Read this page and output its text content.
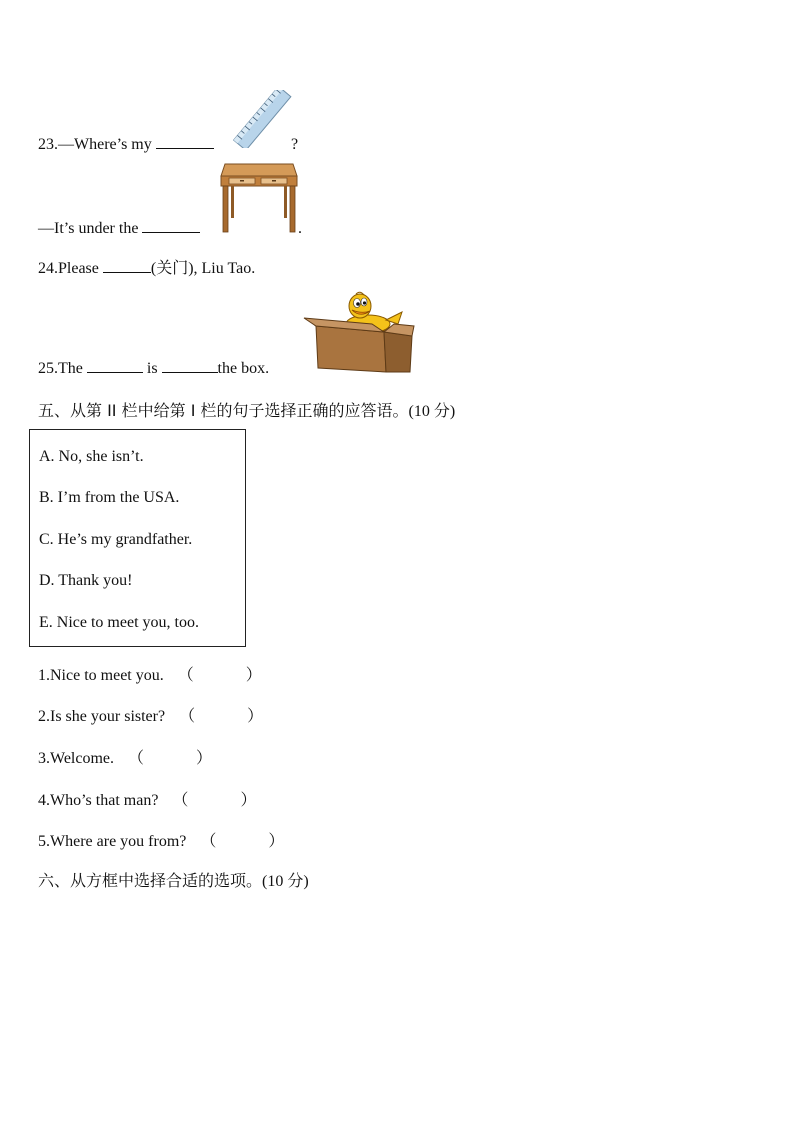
23.—Where’s my	?
—It’s under the	.
24.Please	(关门), Liu Tao.
25.The	is	the box.
五、从第 II 栏中给第 I 栏的句子选择正确的应答语。(10 分)
A. No, she isn’t.
B. I’m from the USA.
C. He’s my grandfather.
D. Thank you!
E. Nice to meet you, too.
1.Nice to meet you. （	）
2.Is she your sister? （	）
3.Welcome. （	）
4.Who’s that man? （	）
5.Where are you from? （	）
六、从方框中选择合适的选项。(10 分)
